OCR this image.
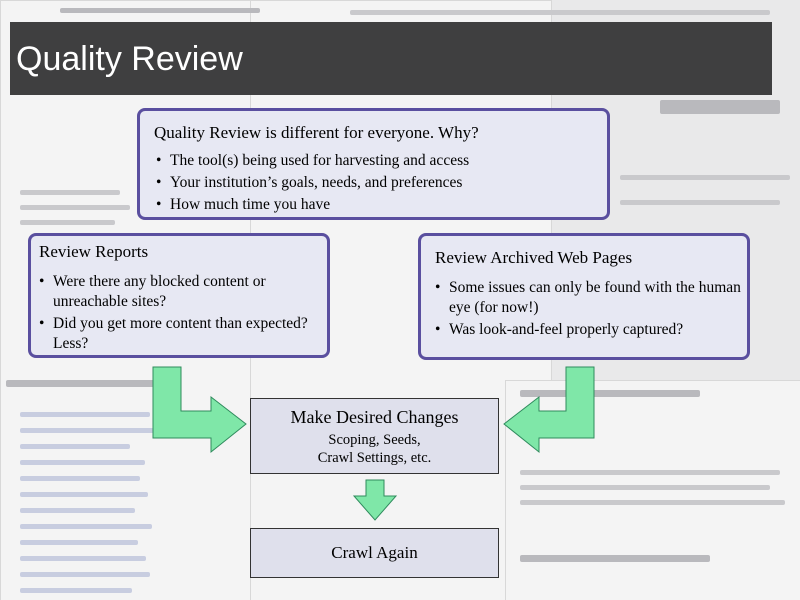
Quality Review
Quality Review is different for everyone. Why?
• The tool(s) being used for harvesting and access
• Your institution’s goals, needs, and preferences
• How much time you have
Review Reports
• Were there any blocked content or unreachable sites?
• Did you get more content than expected? Less?
Review Archived Web Pages
• Some issues can only be found with the human eye (for now!)
• Was look-and-feel properly captured?
Make Desired Changes
Scoping, Seeds,
Crawl Settings, etc.
Crawl Again
